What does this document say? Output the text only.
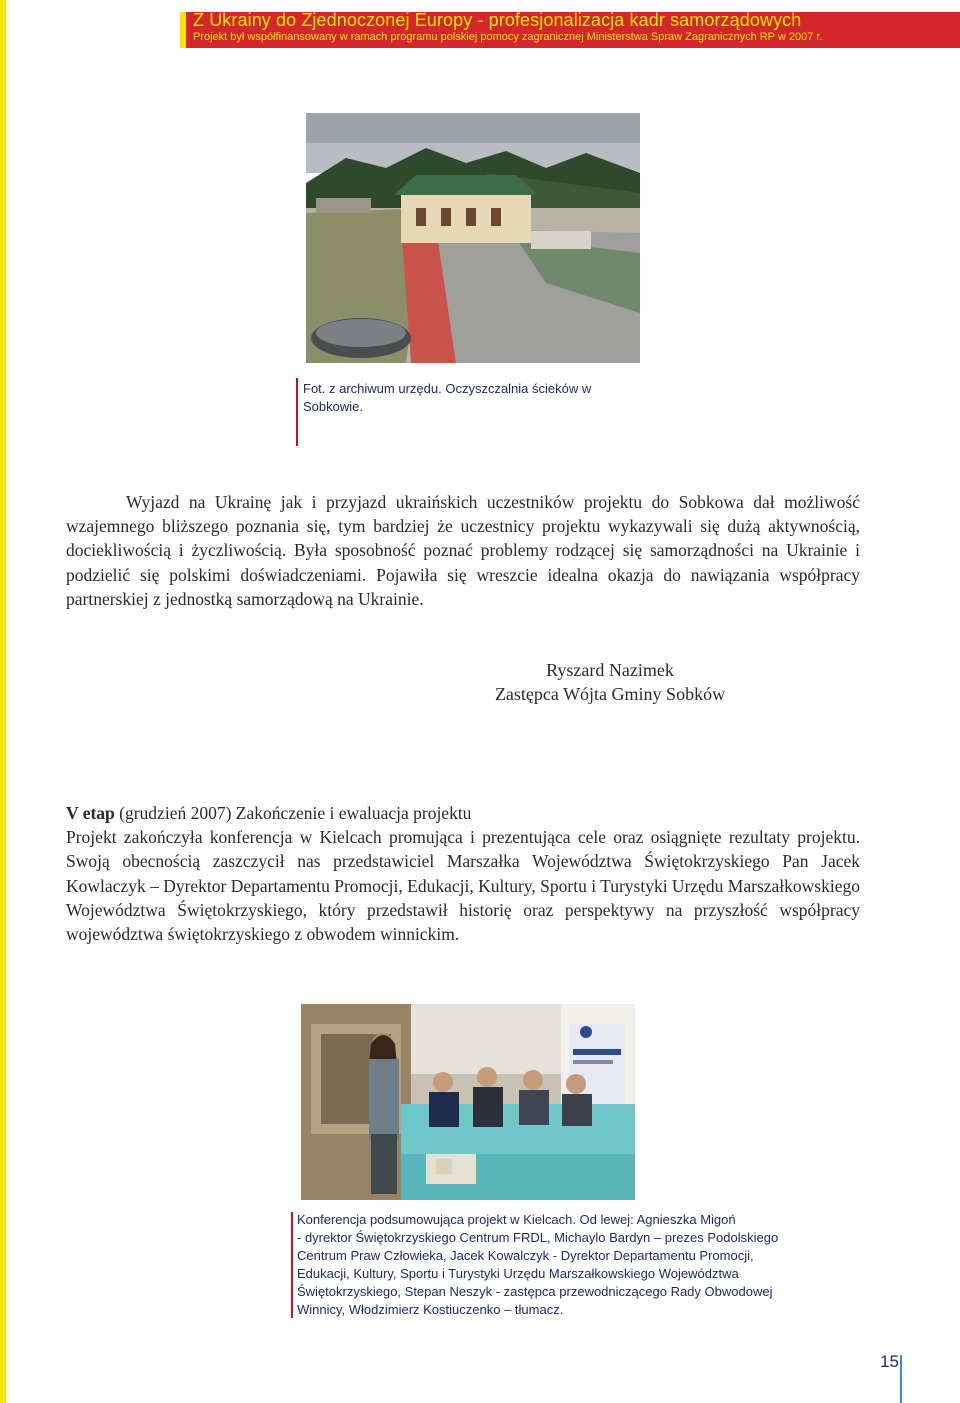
Z Ukrainy do Zjednoczonej Europy - profesjonalizacja kadr samorządowych
Projekt był współfinansowany w ramach programu polskiej pomocy zagranicznej Ministerstwa Spraw Zagranicznych RP w 2007 r.
Fot. z archiwum urzędu. Oczyszczalnia ścieków w
Sobkowie.

Wyjazd na Ukrainę jak i przyjazd ukraińskich uczestników projektu do Sobkowa dał możliwość wzajemnego bliższego poznania się, tym bardziej że uczestnicy projektu wykazywali się dużą aktywnością, dociekliwością i życzliwością. Była sposobność poznać problemy rodzącej się samorządności na Ukrainie i podzielić się polskimi doświadczeniami. Pojawiła się wreszcie idealna okazja do nawiązania współpracy partnerskiej z jednostką samorządową na Ukrainie.

Ryszard Nazimek
Zastępca Wójta Gminy Sobków

V etap (grudzień 2007) Zakończenie i ewaluacja projektu

Projekt zakończyła konferencja w Kielcach promująca i prezentująca cele oraz osiągnięte rezultaty projektu. Swoją obecnością zaszczycił nas przedstawiciel Marszałka Województwa Świętokrzyskiego Pan Jacek Kowlaczyk – Dyrektor Departamentu Promocji, Edukacji, Kultury, Sportu i Turystyki Urzędu Marszałkowskiego Województwa Świętokrzyskiego, który przedstawił historię oraz perspektywy na przyszłość współpracy województwa świętokrzyskiego z obwodem winnickim.

Konferencja podsumowująca projekt w Kielcach. Od lewej: Agnieszka Migoń
- dyrektor Świętokrzyskiego Centrum FRDL, Michaylo Bardyn – prezes Podolskiego
Centrum Praw Człowieka, Jacek Kowalczyk - Dyrektor Departamentu Promocji,
Edukacji, Kultury, Sportu i Turystyki Urzędu Marszałkowskiego Województwa
Świętokrzyskiego, Stepan Neszyk - zastępca przewodniczącego Rady Obwodowej
Winnicy, Włodzimierz Kostiuczenko – tłumacz.
15
